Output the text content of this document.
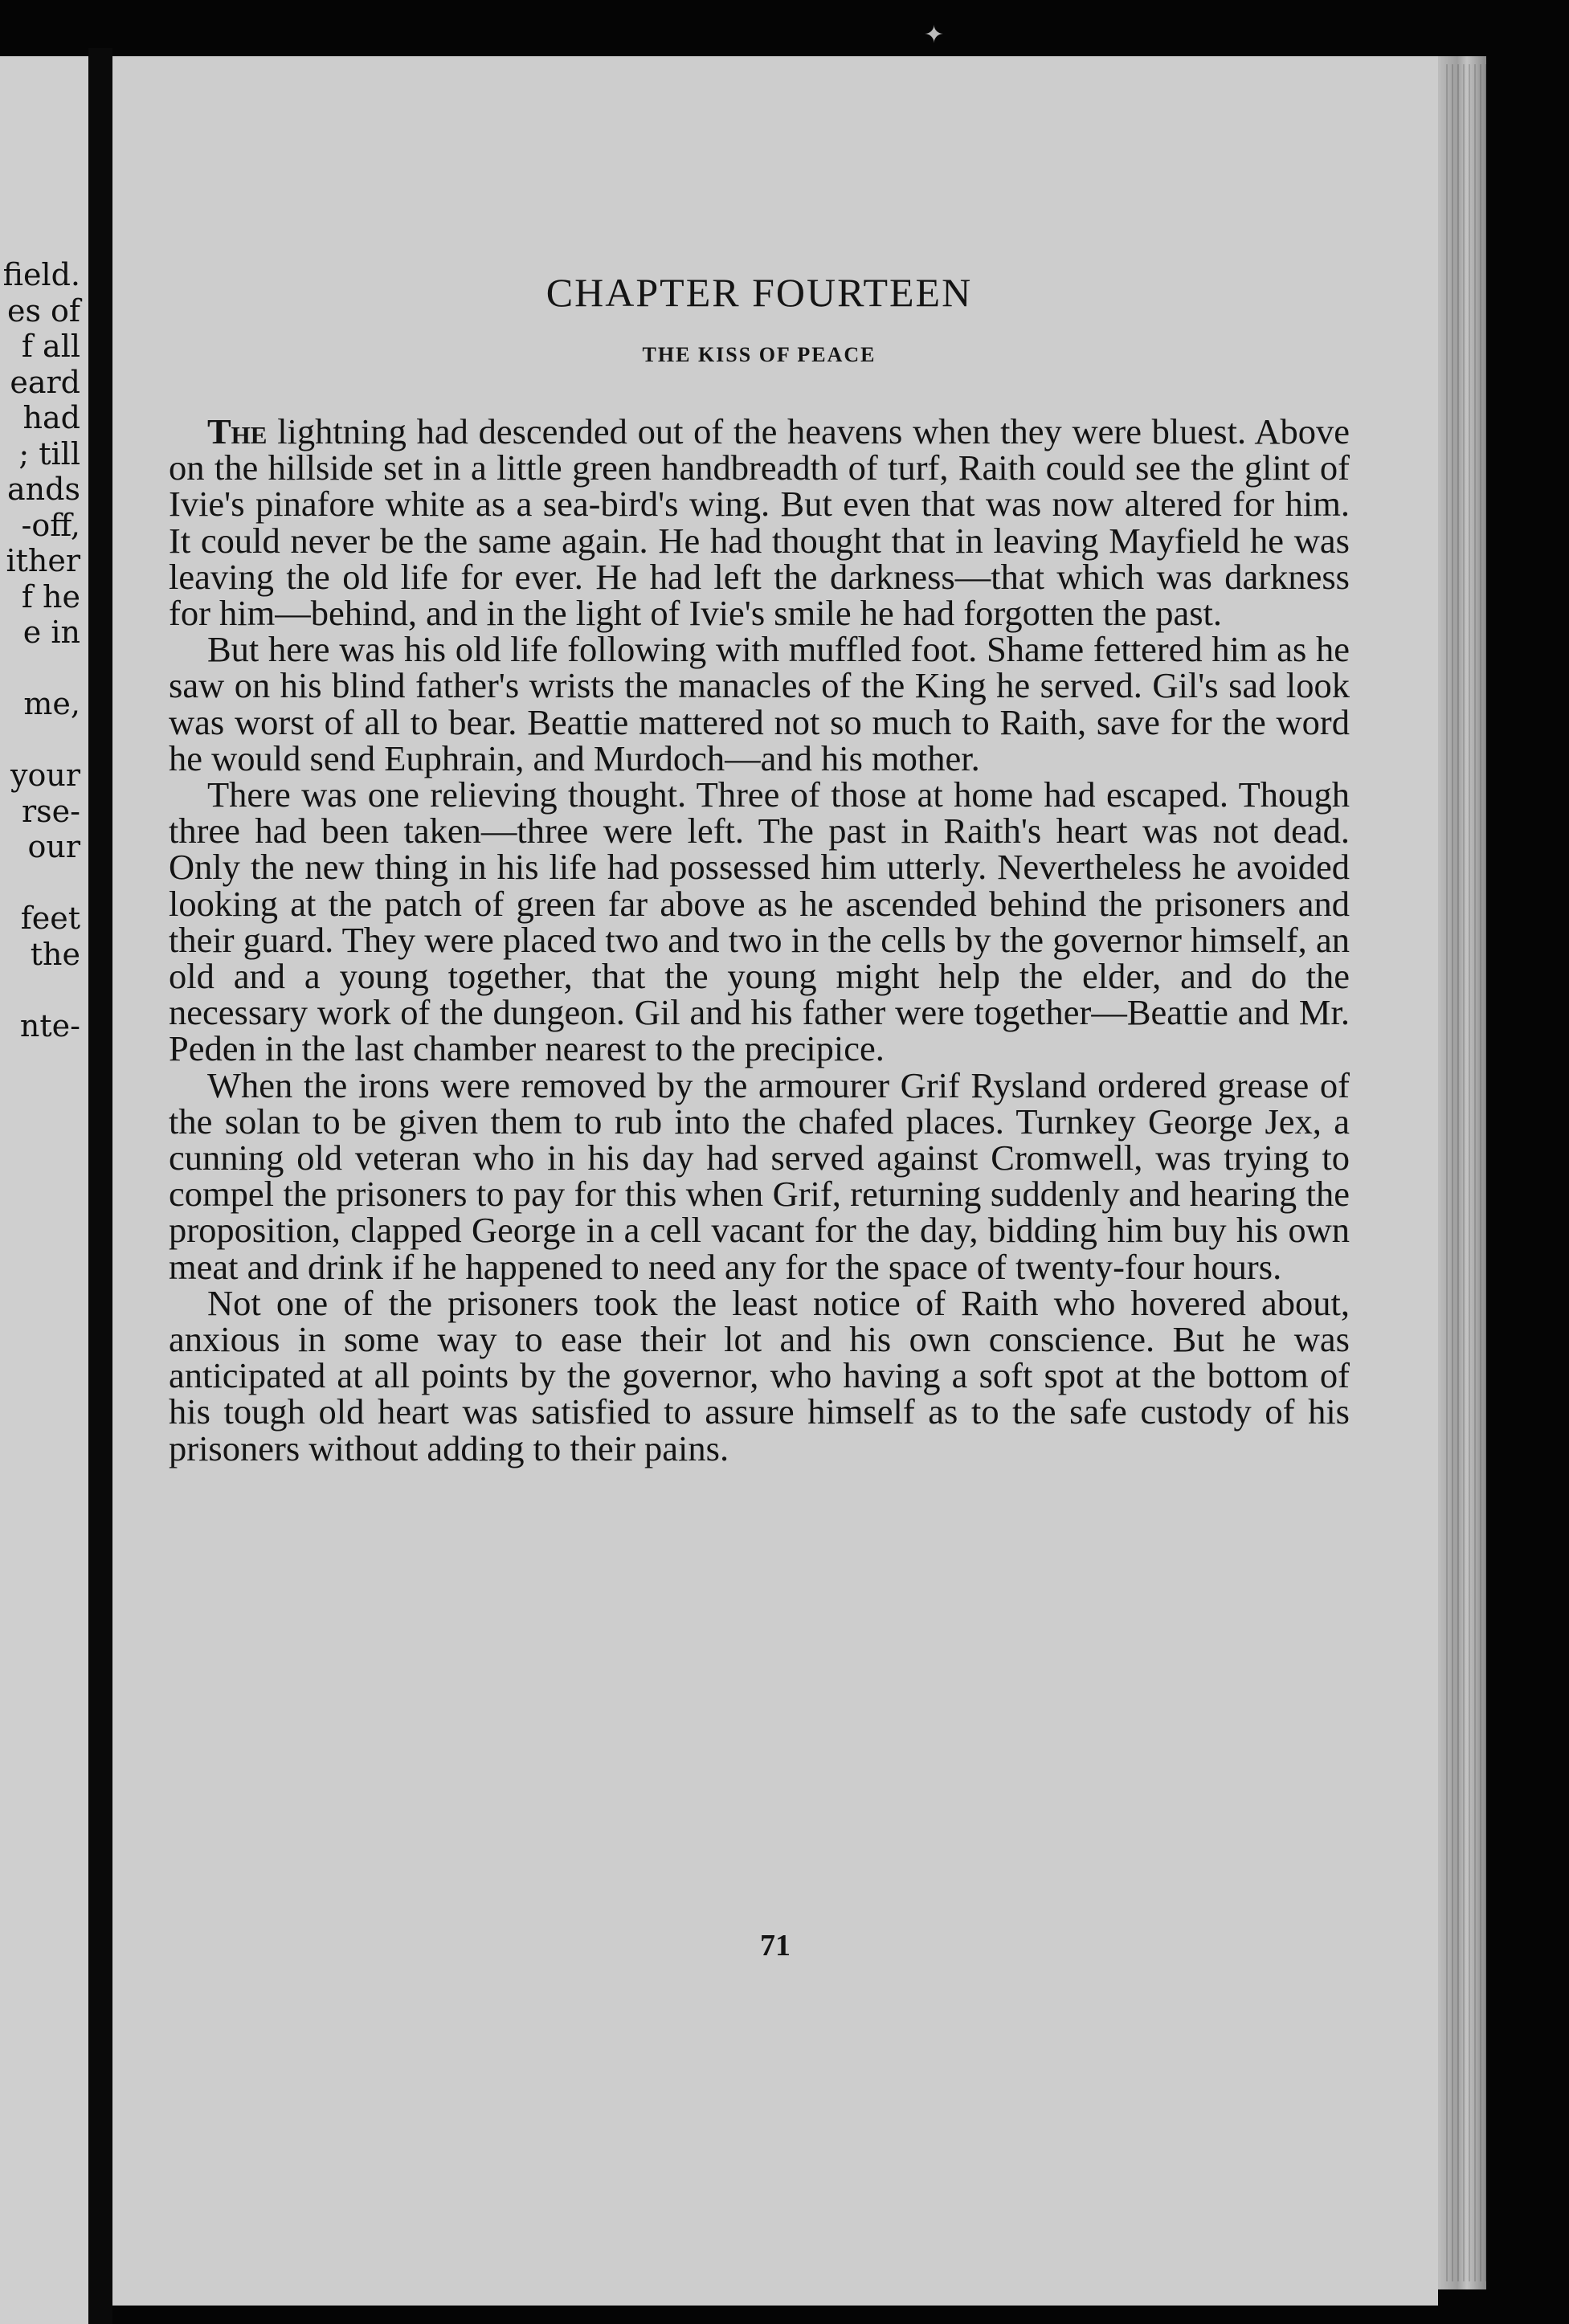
✦
field.
es of
f all
eard
had
; till
ands
-off,
ither
f he
e in

me,

your
rse-
our

feet
the

nte-
CHAPTER FOURTEEN
THE KISS OF PEACE

The lightning had descended out of the heavens when they were bluest. Above on the hillside set in a little green handbreadth of turf, Raith could see the glint of Ivie's pinafore white as a sea-bird's wing. But even that was now altered for him. It could never be the same again. He had thought that in leaving Mayfield he was leaving the old life for ever. He had left the darkness—that which was darkness for him—behind, and in the light of Ivie's smile he had forgotten the past.

But here was his old life following with muffled foot. Shame fettered him as he saw on his blind father's wrists the manacles of the King he served. Gil's sad look was worst of all to bear. Beattie mattered not so much to Raith, save for the word he would send Euphrain, and Murdoch—and his mother.

There was one relieving thought. Three of those at home had escaped. Though three had been taken—three were left. The past in Raith's heart was not dead. Only the new thing in his life had possessed him utterly. Nevertheless he avoided looking at the patch of green far above as he ascended behind the prisoners and their guard. They were placed two and two in the cells by the governor himself, an old and a young together, that the young might help the elder, and do the necessary work of the dungeon. Gil and his father were together—Beattie and Mr. Peden in the last chamber nearest to the precipice.

When the irons were removed by the armourer Grif Rysland ordered grease of the solan to be given them to rub into the chafed places. Turnkey George Jex, a cunning old veteran who in his day had served against Cromwell, was trying to compel the prisoners to pay for this when Grif, returning suddenly and hearing the proposition, clapped George in a cell vacant for the day, bidding him buy his own meat and drink if he happened to need any for the space of twenty-four hours.

Not one of the prisoners took the least notice of Raith who hovered about, anxious in some way to ease their lot and his own conscience. But he was anticipated at all points by the governor, who having a soft spot at the bottom of his tough old heart was satisfied to assure himself as to the safe custody of his prisoners without adding to their pains.

71
